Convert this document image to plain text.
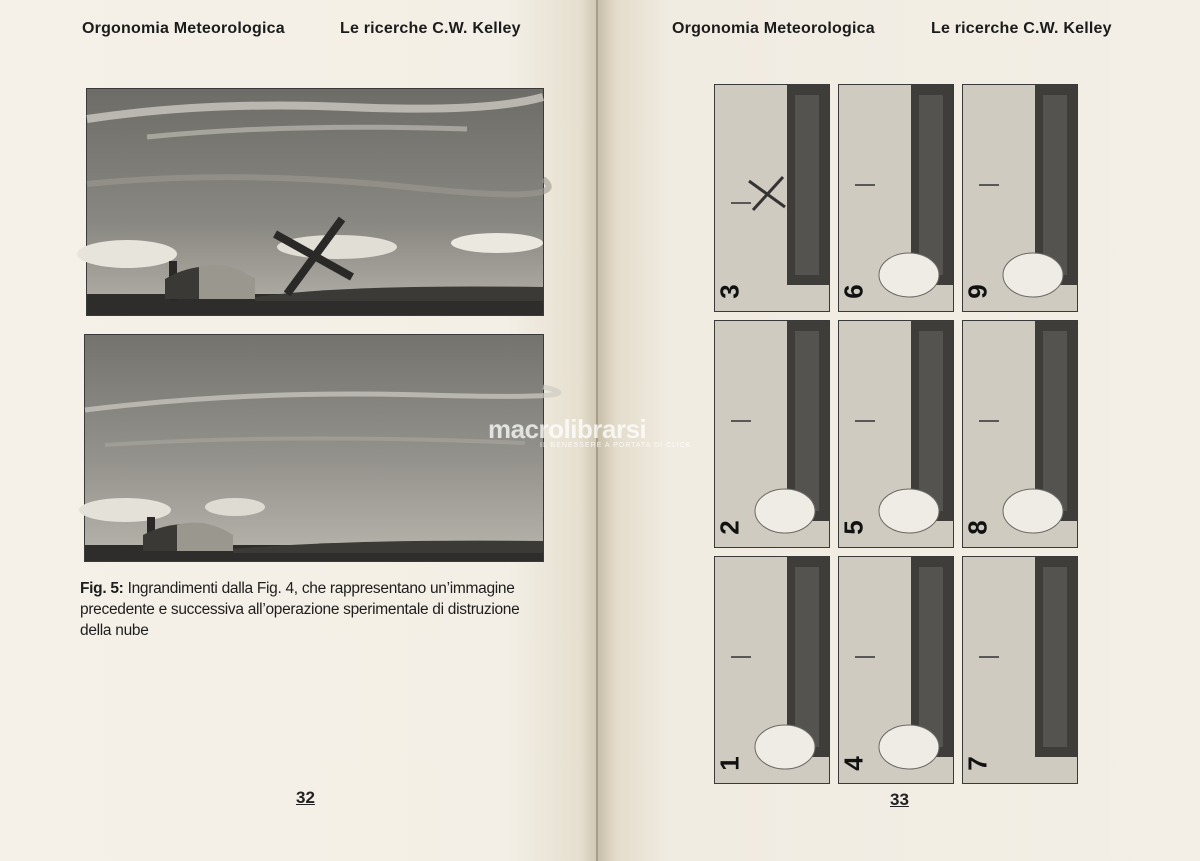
Orgonomia Meteorologica	Le ricerche C.W. Kelley
Fig. 5: Ingrandimenti dalla Fig. 4, che rappresentano un’immagine precedente e successiva all’operazione sperimentale di distruzione della nube
32
Orgonomia Meteorologica	Le ricerche C.W. Kelley
3	6	9
2	5	8
1	4	7
macrolibrarsi
IL BENESSERE A PORTATA DI CLICK
33
